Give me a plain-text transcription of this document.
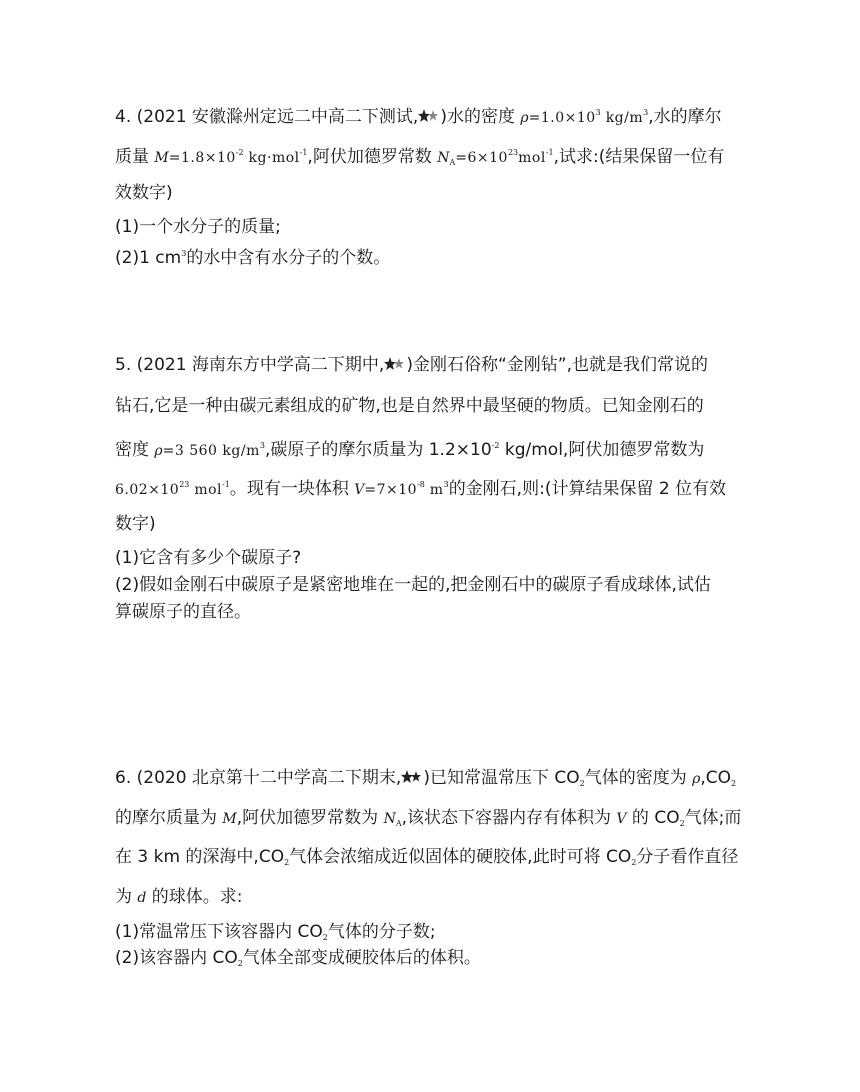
4. (2021 安徽滁州定远二中高二下测试, )水的密度 $\rho=1.0\times 10^3$ $kg/m^3$,水的摩尔
质量 $M=1.8\times 10^{-2}$ kg·mol$^{-1}$,阿伏加德罗常数 $N_A=6\times 10^{23}mol^{-1}$,试求:(结果保留一位有
效数字)
(1)一个水分子的质量;
(2)1 $cm^3$的水中含有水分子的个数。
5. (2021 海南东方中学高二下期中, )金刚石俗称“金刚钻”,也就是我们常说的
钻石,它是一种由碳元素组成的矿物,也是自然界中最坚硬的物质。已知金刚石的
密度 ρ=3 560 $kg/m^3$,碳原子的摩尔质量为 $1.2\times 10^{-2}$ kg/mol,阿伏加德罗常数为
$6.02\times 10^{23}$ mol$^{-1}$。现有一块体积 $V=7\times 10^{-8}$ $m^3$的金刚石,则:(计算结果保留 2 位有效
数字)
(1)它含有多少个碳原子?
(2)假如金刚石中碳原子是紧密地堆在一起的,把金刚石中的碳原子看成球体,试估
算碳原子的直径。
6. (2020 北京第十二中学高二下期末, )已知常温常压下 $CO_2$气体的密度为 $\rho,CO_2$
的摩尔质量为 M,阿伏加德罗常数为 $N_A$,该状态下容器内存有体积为 V 的 $CO_2$气体;而
在 3 km 的深海中$,CO_2$气体会浓缩成近似固体的硬胶体,此时可将 $CO_2$分子看作直径
为 d 的球体。求:
(1)常温常压下该容器内 $CO_2$气体的分子数;
(2)该容器内 $CO_2$气体全部变成硬胶体后的体积。
